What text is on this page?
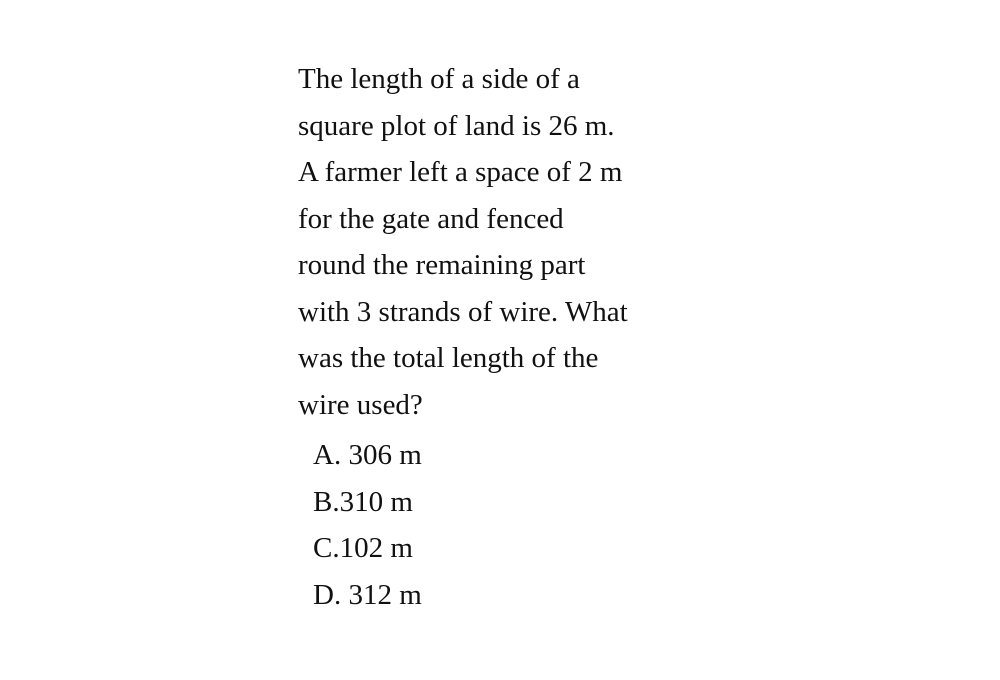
The length of a side of a

square plot of land is 26 m.

A farmer left a space of 2 m

for the gate and fenced

round the remaining part

with 3 strands of wire. What

was the total length of the

wire used?

A. 306 m

B.310 m

C.102 m

D. 312 m
